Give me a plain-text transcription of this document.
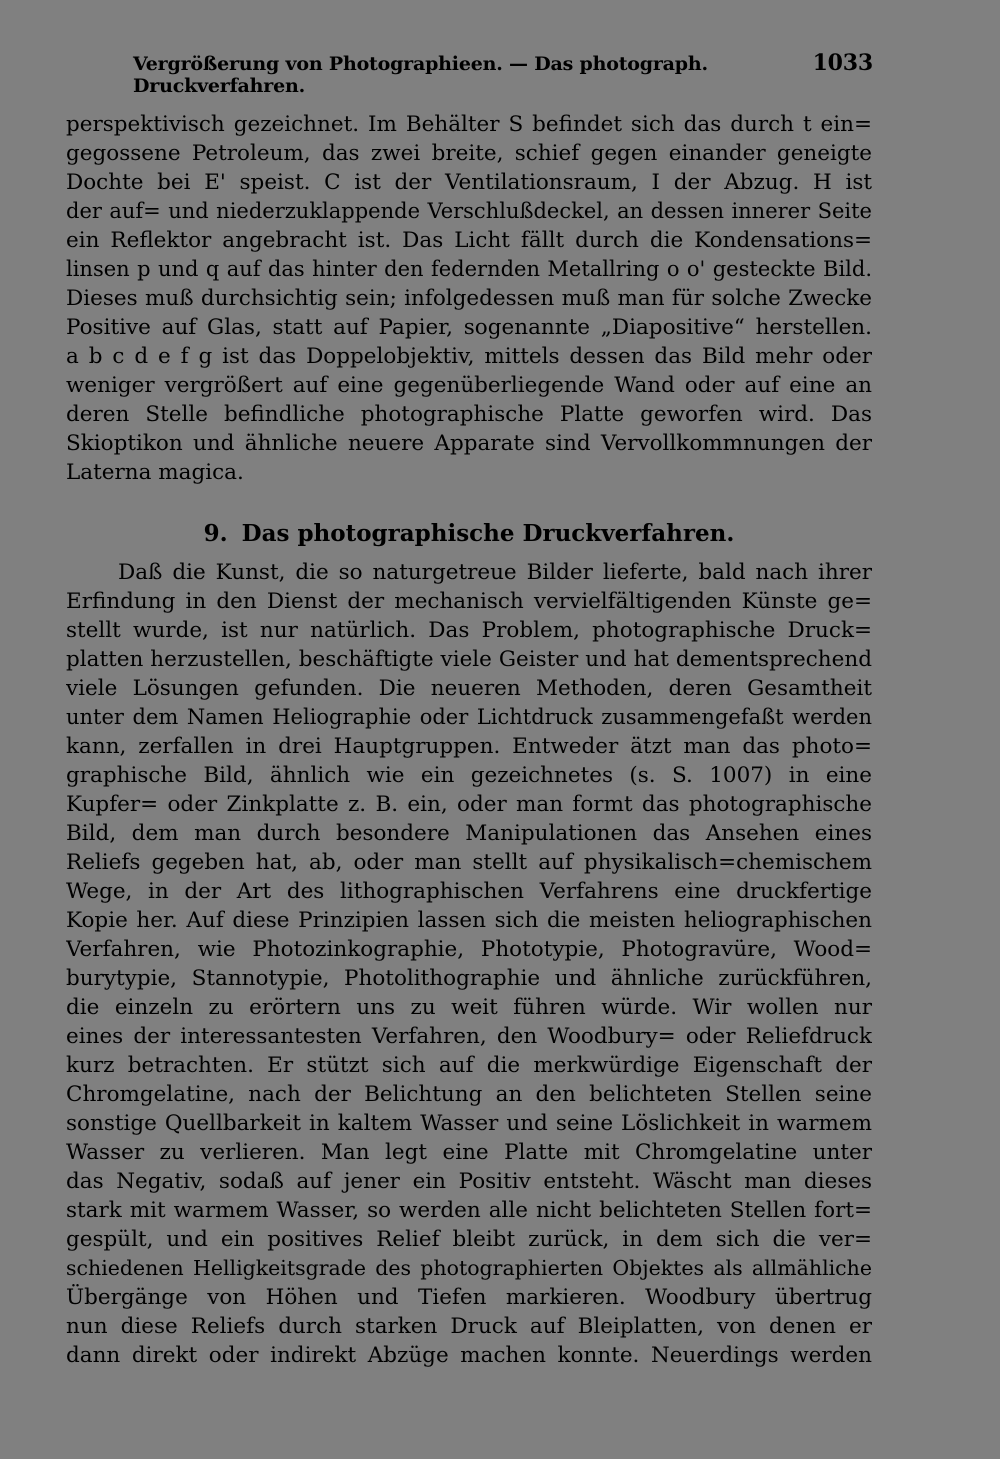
Vergrößerung von Photographieen. — Das photograph. Druckverfahren.
1033
perspektivisch gezeichnet. Im Behälter S befindet sich das durch t ein=
gegossene Petroleum, das zwei breite, schief gegen einander geneigte
Dochte bei E' speist. C ist der Ventilationsraum, I der Abzug. H ist
der auf= und niederzuklappende Verschlußdeckel, an dessen innerer Seite
ein Reflektor angebracht ist. Das Licht fällt durch die Kondensations=
linsen p und q auf das hinter den federnden Metallring o o' gesteckte Bild.
Dieses muß durchsichtig sein; infolgedessen muß man für solche Zwecke
Positive auf Glas, statt auf Papier, sogenannte „Diapositive“ herstellen.
a b c d e f g ist das Doppelobjektiv, mittels dessen das Bild mehr oder
weniger vergrößert auf eine gegenüberliegende Wand oder auf eine an
deren Stelle befindliche photographische Platte geworfen wird. Das
Skioptikon und ähnliche neuere Apparate sind Vervollkommnungen der
Laterna magica.
9. Das photographische Druckverfahren.
Daß die Kunst, die so naturgetreue Bilder lieferte, bald nach ihrer
Erfindung in den Dienst der mechanisch vervielfältigenden Künste ge=
stellt wurde, ist nur natürlich. Das Problem, photographische Druck=
platten herzustellen, beschäftigte viele Geister und hat dementsprechend
viele Lösungen gefunden. Die neueren Methoden, deren Gesamtheit
unter dem Namen Heliographie oder Lichtdruck zusammengefaßt werden
kann, zerfallen in drei Hauptgruppen. Entweder ätzt man das photo=
graphische Bild, ähnlich wie ein gezeichnetes (s. S. 1007) in eine
Kupfer= oder Zinkplatte z. B. ein, oder man formt das photographische
Bild, dem man durch besondere Manipulationen das Ansehen eines
Reliefs gegeben hat, ab, oder man stellt auf physikalisch=chemischem
Wege, in der Art des lithographischen Verfahrens eine druckfertige
Kopie her. Auf diese Prinzipien lassen sich die meisten heliographischen
Verfahren, wie Photozinkographie, Phototypie, Photogravüre, Wood=
burytypie, Stannotypie, Photolithographie und ähnliche zurückführen,
die einzeln zu erörtern uns zu weit führen würde. Wir wollen nur
eines der interessantesten Verfahren, den Woodbury= oder Reliefdruck
kurz betrachten. Er stützt sich auf die merkwürdige Eigenschaft der
Chromgelatine, nach der Belichtung an den belichteten Stellen seine
sonstige Quellbarkeit in kaltem Wasser und seine Löslichkeit in warmem
Wasser zu verlieren. Man legt eine Platte mit Chromgelatine unter
das Negativ, sodaß auf jener ein Positiv entsteht. Wäscht man dieses
stark mit warmem Wasser, so werden alle nicht belichteten Stellen fort=
gespült, und ein positives Relief bleibt zurück, in dem sich die ver=
schiedenen Helligkeitsgrade des photographierten Objektes als allmähliche
Übergänge von Höhen und Tiefen markieren. Woodbury übertrug
nun diese Reliefs durch starken Druck auf Bleiplatten, von denen er
dann direkt oder indirekt Abzüge machen konnte. Neuerdings werden
